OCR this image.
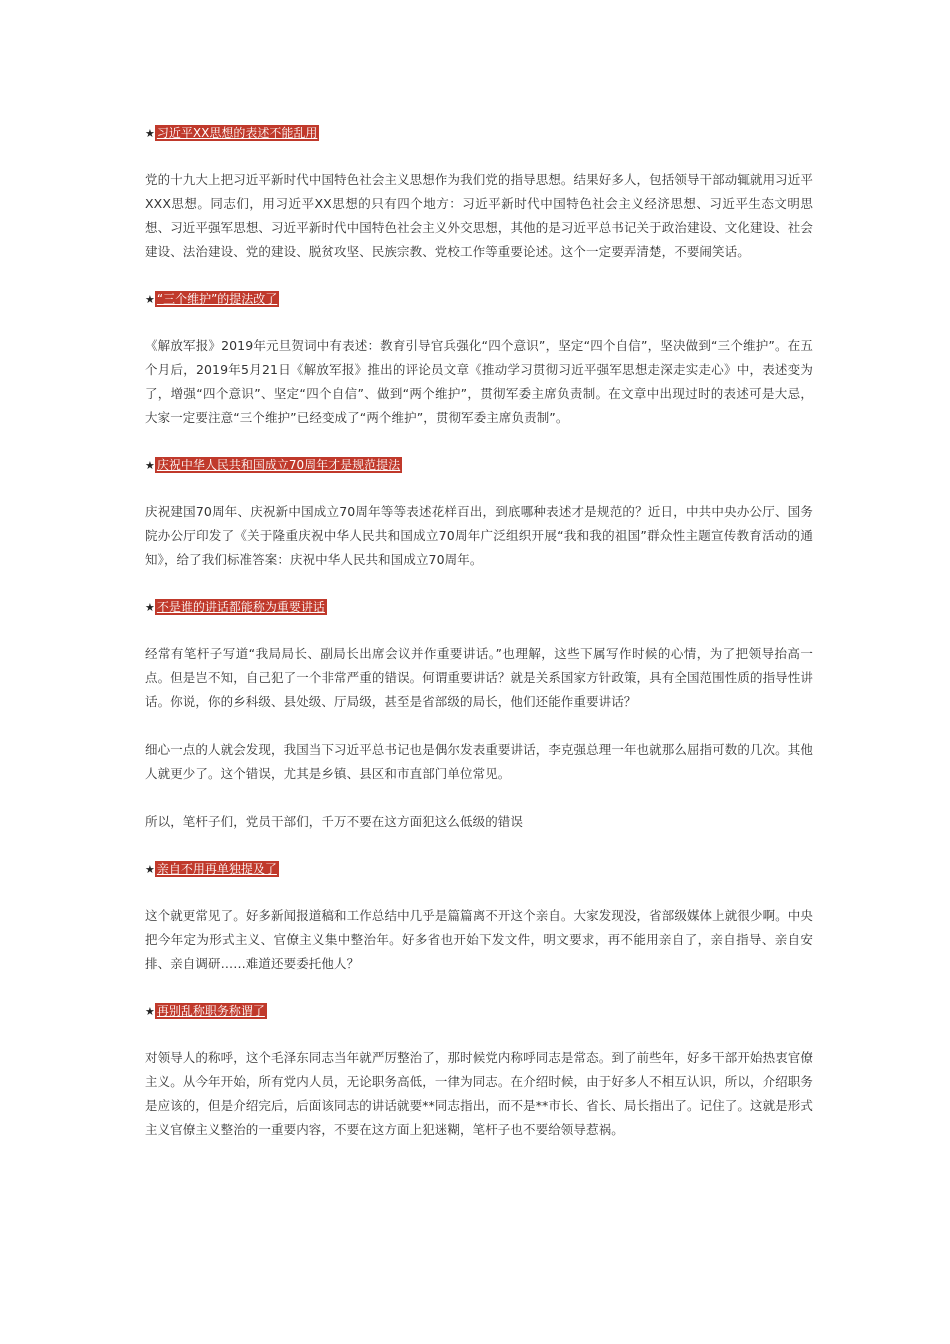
★ 习近平XX思想的表述不能乱用

党的十九大上把习近平新时代中国特色社会主义思想作为我们党的指导思想。结果好多人，包括领导干部动辄就用习近平XXX思想。同志们，用习近平XX思想的只有四个地方：习近平新时代中国特色社会主义经济思想、习近平生态文明思想、习近平强军思想、习近平新时代中国特色社会主义外交思想，其他的是习近平总书记关于政治建设、文化建设、社会建设、法治建设、党的建设、脱贫攻坚、民族宗教、党校工作等重要论述。这个一定要弄清楚，不要闹笑话。

★ “三个维护”的提法改了

《解放军报》2019年元旦贺词中有表述：教育引导官兵强化“四个意识”，坚定“四个自信”，坚决做到“三个维护”。在五个月后，2019年5月21日《解放军报》推出的评论员文章《推动学习贯彻习近平强军思想走深走实走心》中，表述变为了，增强“四个意识”、坚定“四个自信”、做到“两个维护”，贯彻军委主席负责制。在文章中出现过时的表述可是大忌，大家一定要注意“三个维护”已经变成了“两个维护”，贯彻军委主席负责制”。

★ 庆祝中华人民共和国成立70周年才是规范提法

庆祝建国70周年、庆祝新中国成立70周年等等表述花样百出，到底哪种表述才是规范的？近日，中共中央办公厅、国务院办公厅印发了《关于隆重庆祝中华人民共和国成立70周年广泛组织开展“我和我的祖国”群众性主题宣传教育活动的通知》，给了我们标准答案：庆祝中华人民共和国成立70周年。

★ 不是谁的讲话都能称为重要讲话

经常有笔杆子写道“我局局长、副局长出席会议并作重要讲话。”也理解，这些下属写作时候的心情，为了把领导抬高一点。但是岂不知，自己犯了一个非常严重的错误。何谓重要讲话？就是关系国家方针政策，具有全国范围性质的指导性讲话。你说，你的乡科级、县处级、厅局级，甚至是省部级的局长，他们还能作重要讲话？

细心一点的人就会发现，我国当下习近平总书记也是偶尔发表重要讲话，李克强总理一年也就那么屈指可数的几次。其他人就更少了。这个错误，尤其是乡镇、县区和市直部门单位常见。

所以，笔杆子们，党员干部们，千万不要在这方面犯这么低级的错误

★ 亲自不用再单独提及了

这个就更常见了。好多新闻报道稿和工作总结中几乎是篇篇离不开这个亲自。大家发现没，省部级媒体上就很少啊。中央把今年定为形式主义、官僚主义集中整治年。好多省也开始下发文件，明文要求，再不能用亲自了，亲自指导、亲自安排、亲自调研……难道还要委托他人？

★ 再别乱称职务称谓了

对领导人的称呼，这个毛泽东同志当年就严厉整治了，那时候党内称呼同志是常态。到了前些年，好多干部开始热衷官僚主义。从今年开始，所有党内人员，无论职务高低，一律为同志。在介绍时候，由于好多人不相互认识，所以，介绍职务是应该的，但是介绍完后，后面该同志的讲话就要**同志指出，而不是**市长、省长、局长指出了。记住了。这就是形式主义官僚主义整治的一重要内容，不要在这方面上犯迷糊，笔杆子也不要给领导惹祸。
